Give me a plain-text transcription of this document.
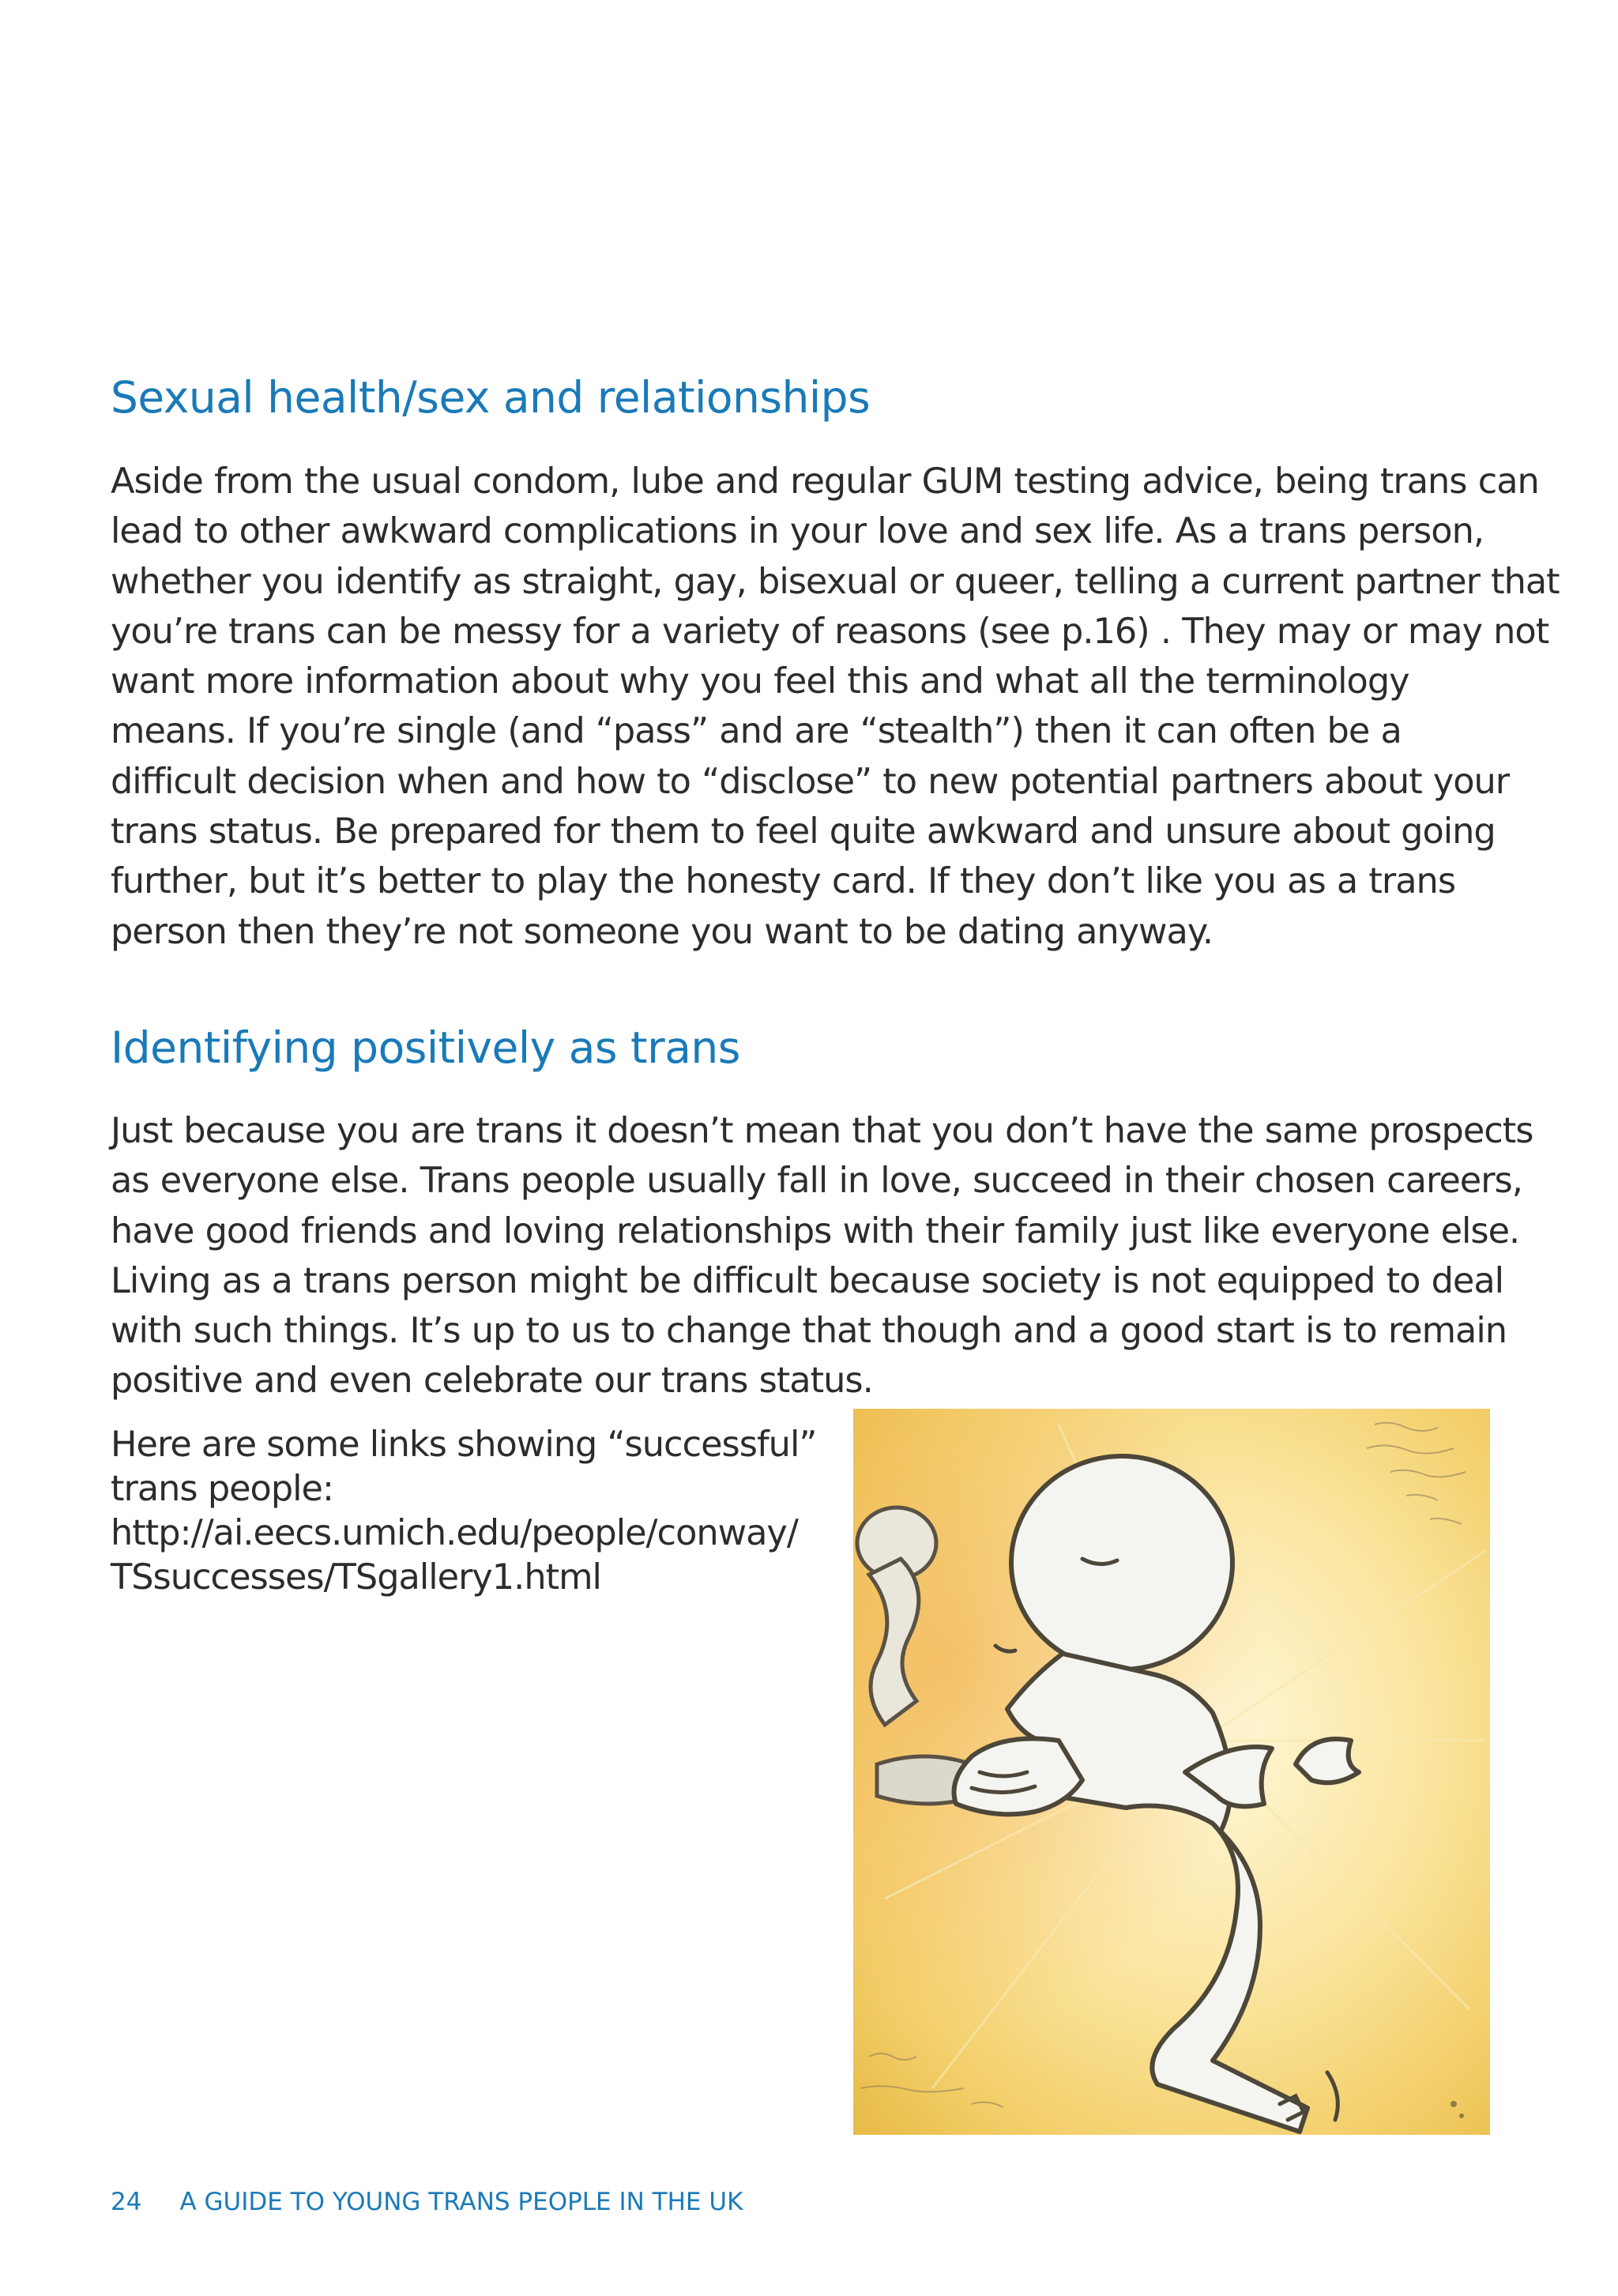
Sexual health/sex and relationships
Aside from the usual condom, lube and regular GUM testing advice, being trans can
lead to other awkward complications in your love and sex life. As a trans person,
whether you identify as straight, gay, bisexual or queer, telling a current partner that
you’re trans can be messy for a variety of reasons (see p.16) . They may or may not
want more information about why you feel this and what all the terminology
means. If you’re single (and “pass” and are “stealth”) then it can often be a
difficult decision when and how to “disclose” to new potential partners about your
trans status. Be prepared for them to feel quite awkward and unsure about going
further, but it’s better to play the honesty card. If they don’t like you as a trans
person then they’re not someone you want to be dating anyway.
Identifying positively as trans
Just because you are trans it doesn’t mean that you don’t have the same prospects
as everyone else. Trans people usually fall in love, succeed in their chosen careers,
have good friends and loving relationships with their family just like everyone else.
Living as a trans person might be difficult because society is not equipped to deal
with such things. It’s up to us to change that though and a good start is to remain
positive and even celebrate our trans status.
Here are some links showing “successful”
trans people:
http://ai.eecs.umich.edu/people/conway/
TSsuccesses/TSgallery1.html
24 A GUIDE TO YOUNG TRANS PEOPLE IN THE UK
